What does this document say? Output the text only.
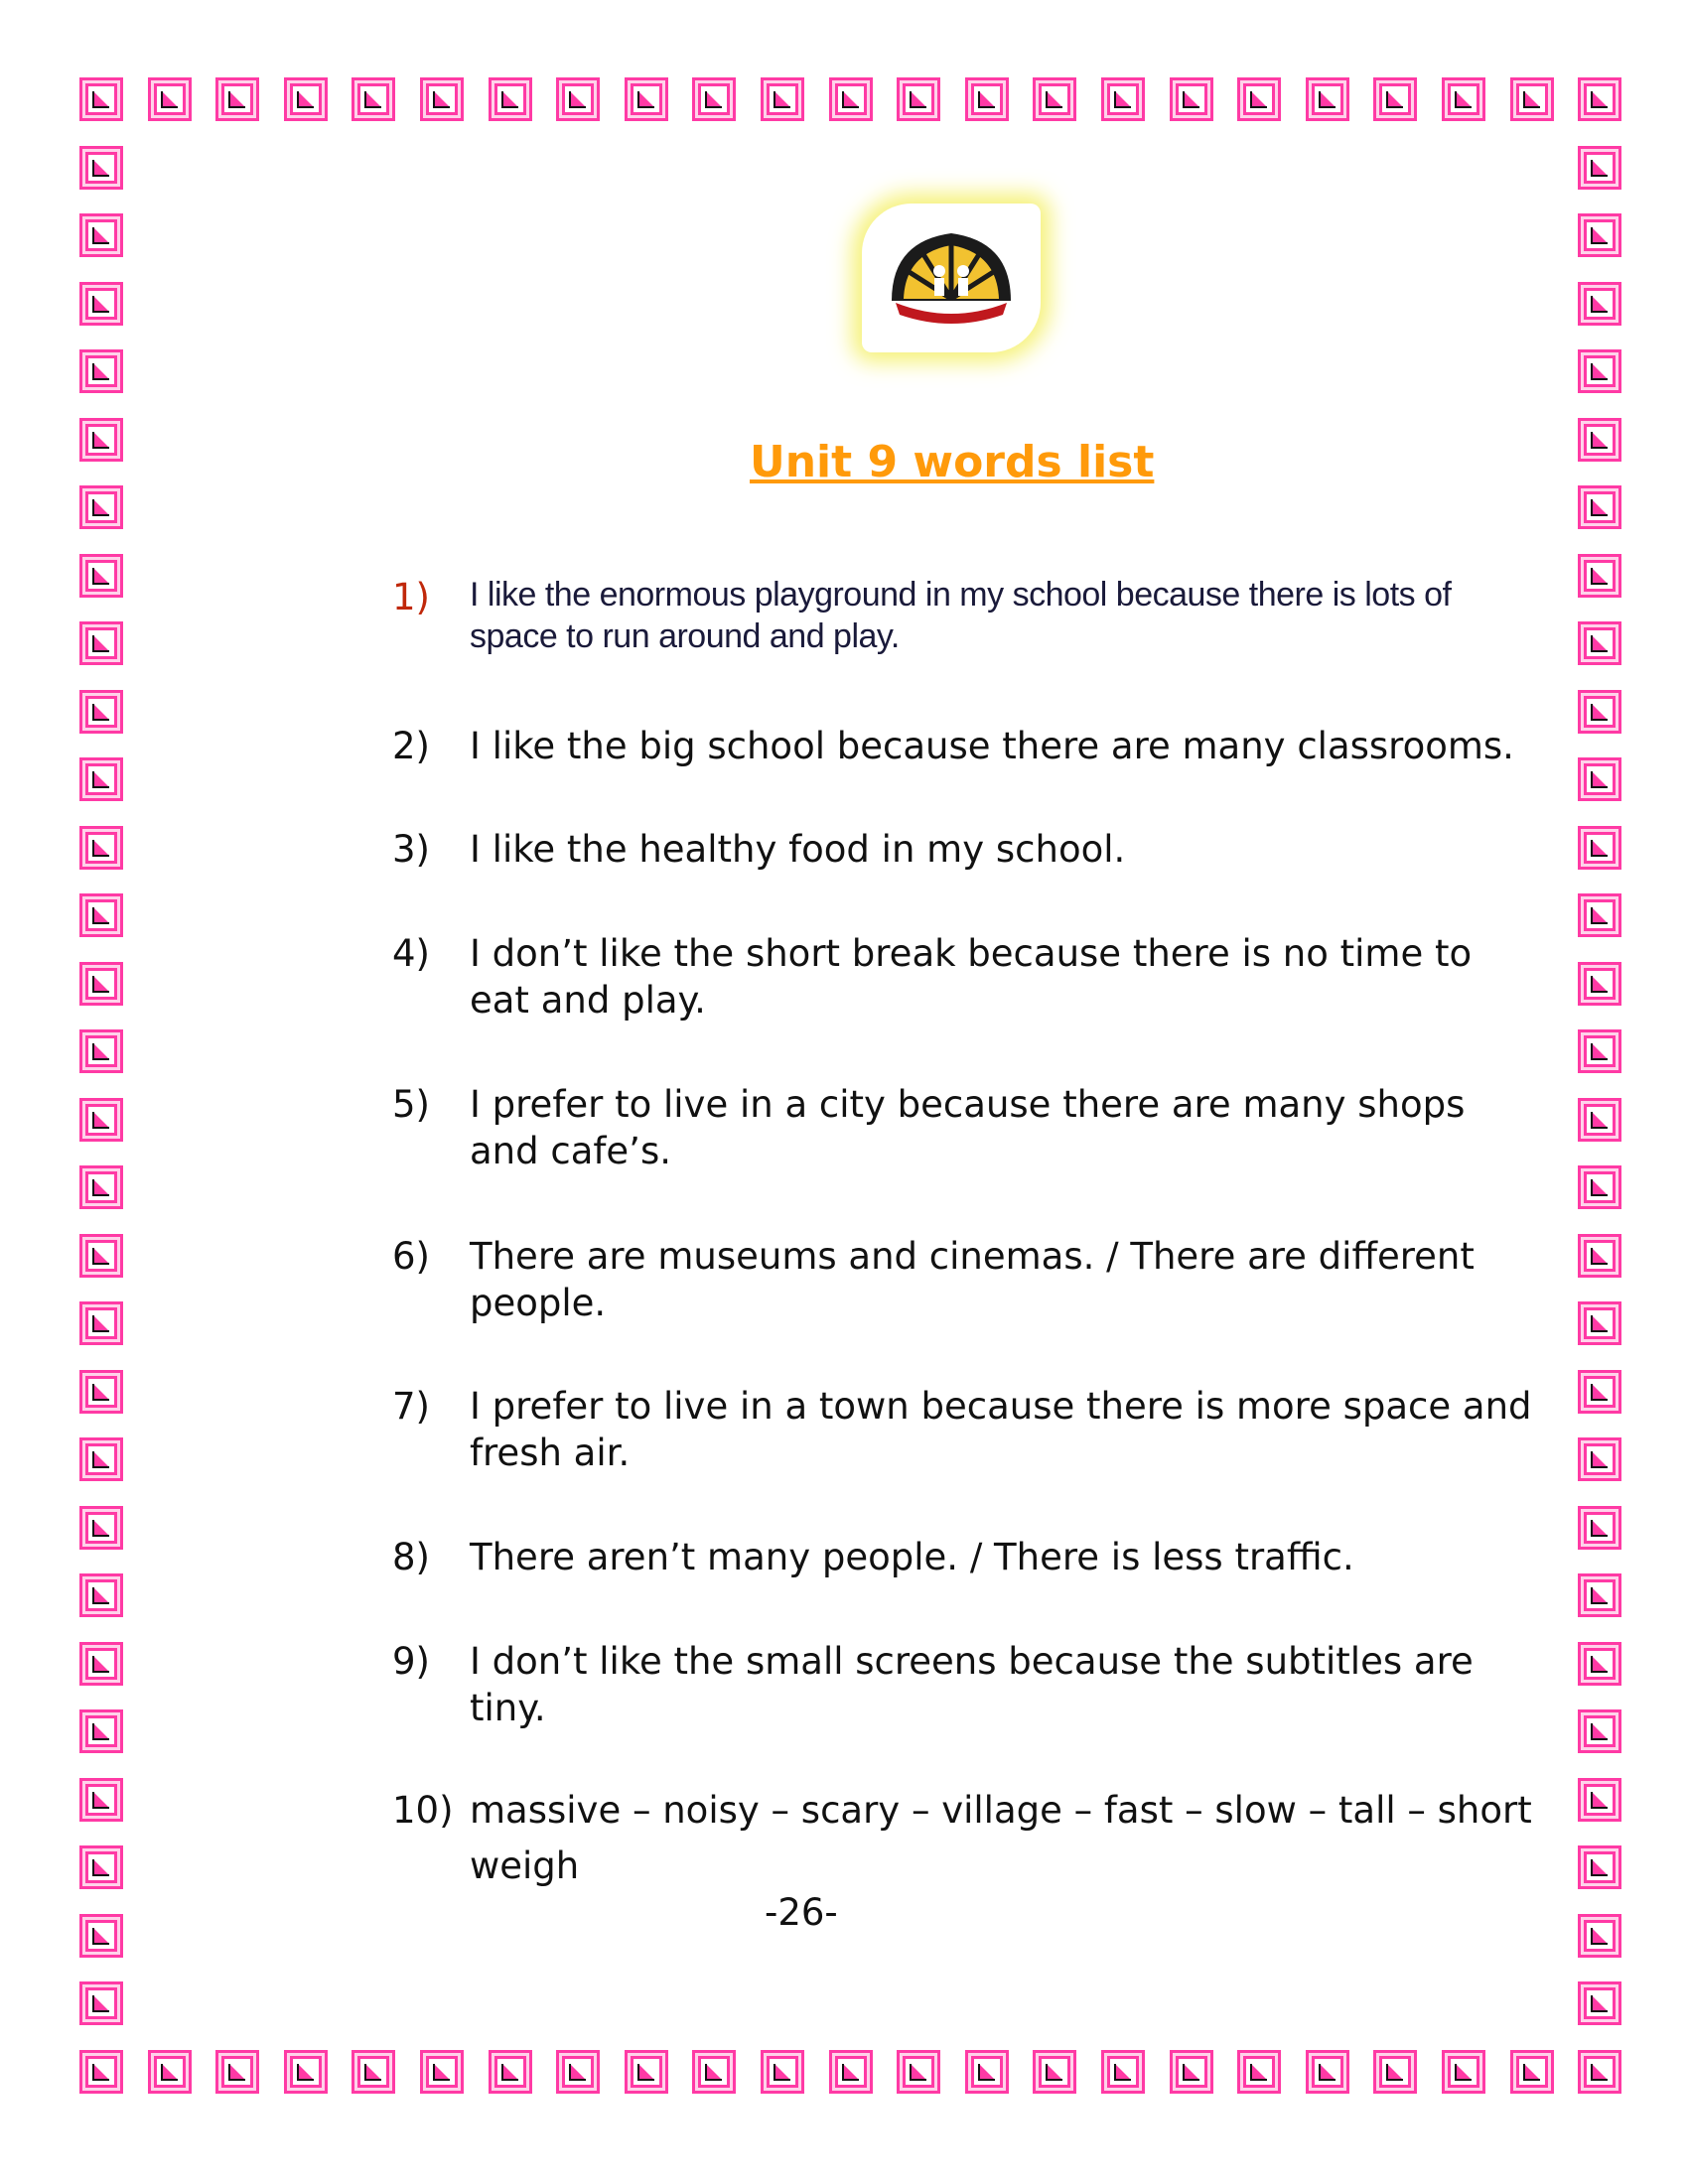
Unit 9 words list
1) I like the enormous playground in my school because there is lots of space to run around and play.
2) I like the big school because there are many classrooms.
3) I like the healthy food in my school.
4) I don’t like the short break because there is no time to eat and play.
5) I prefer to live in a city because there are many shops and cafe’s.
6) There are museums and cinemas. / There are different people.
7) I prefer to live in a town because there is more space and fresh air.
8) There aren’t many people. / There is less traffic.
9) I don’t like the small screens because the subtitles are tiny.
10) massive – noisy – scary – village – fast – slow – tall – short weigh
-26-
